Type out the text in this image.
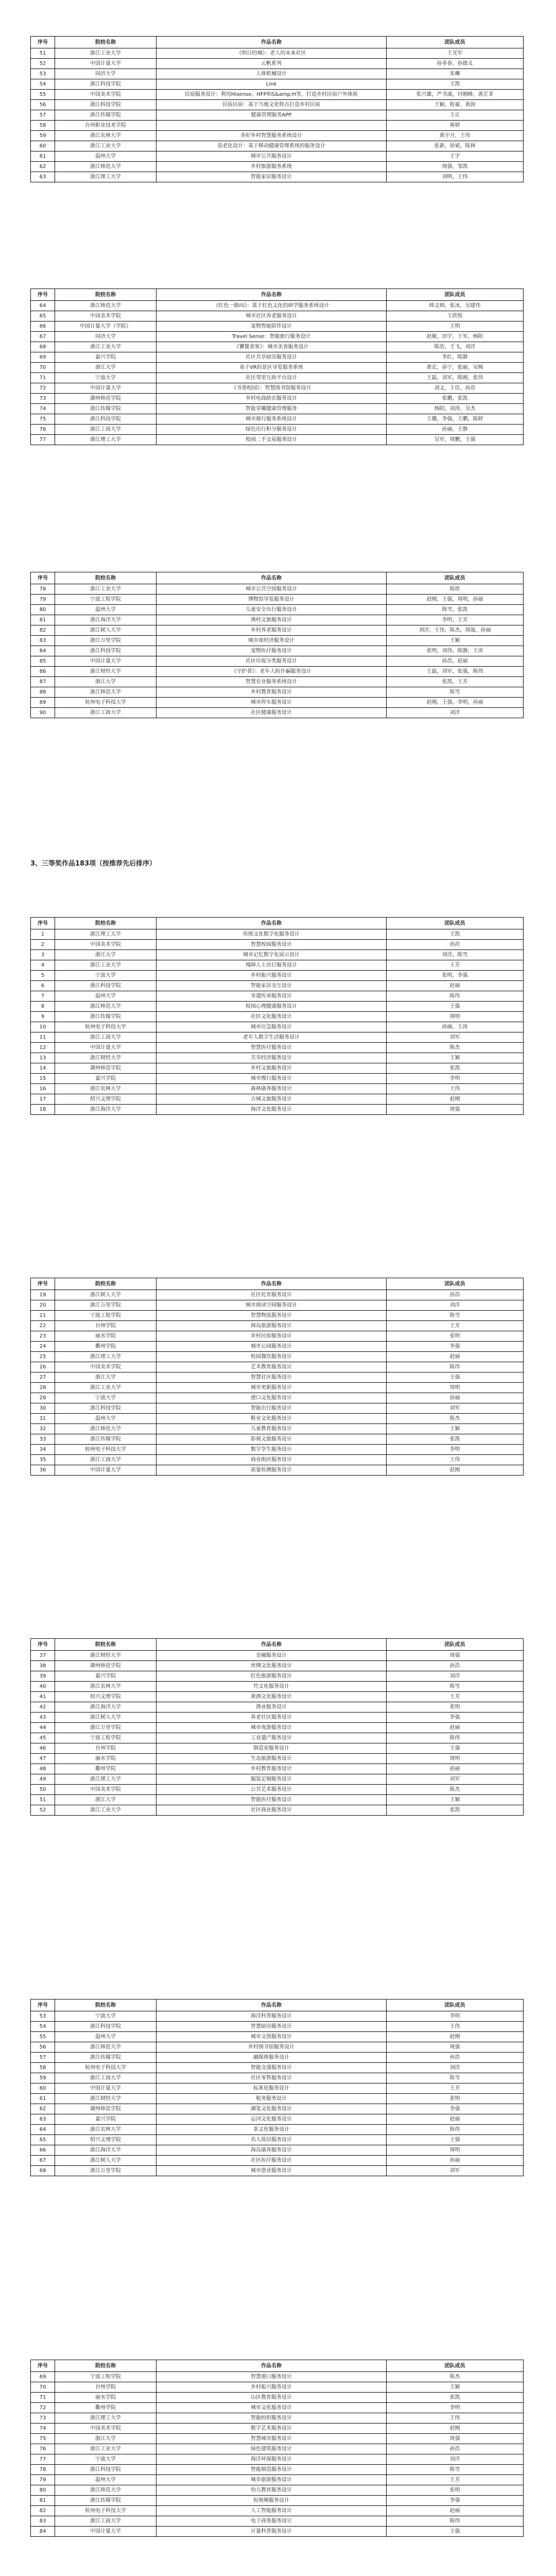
序号	院校名称	作品名称	团队成员
51	浙江工业大学	《明日的城》：老人的未来社区	王光军
52	中国计量大学	云帆系列	孙奉春，孙德义
53	同济大学	人体机械设计	朱琳
54	浙江科技学院	Link	王凯
55	中国美术学院	民宿服务设计：利用Hisense、HFP和S&amp;H等，打造乡村民宿户外体验	张兴雄，严书浦，付刚峰，黄芷菲
56	浙江科技学院	民宿民宿：基于当地文化特点打造乡村民宿	王颖，程豪，黄润
57	浙江传媒学院	健康管理服务APP	王正
58	台州职业技术学院		蒋妍
59	浙江农林大学	美好乡村智慧服务系统设计	黄宇月，王伟
60	浙江工业大学	适老化设计：基于移动健康管理系统的服务设计	张新，徐斌，陈林
61	温州大学	城市公共服务设计	王宇
62	浙江师范大学	乡村旅游服务系统	周强，邹凯
63	浙江理工大学	智能家居服务设计	刘明，王伟
序号	院校名称	作品名称	团队成员
64	浙江师范大学	《红色一路向》：基于红色文化的研学服务系统设计	韩文帅，张冰，吴建伟
65	中国美术学院	城市社区养老服务设计	王欣悦
66	中国计量大学（学院）	宠物智能陪伴设计	王明
67	同济大学	Travel Sense：智能旅行服务设计	赵敏，田宇，王军，杨阳
68	浙江工业大学	《饕餮食客》：城市美食服务设计	陈浩，王飞，刘洋
69	嘉兴学院	社区共享厨房服务设计	李红，陈静
70	浙江大学	基于VR的景区导览服务系统	黄宏，孙宁，张丽，吴梅
71	宁波大学	社区邻里互助平台设计	王磊，刘军，陈刚，张伟
72	中国计量大学	《书香校园》：智慧图书馆服务设计	刘文，王佳，孙浩
73	湖州师范学院	乡村电商助农服务设计	张鹏，张凯
74	浙江传媒学院	智能穿戴健康管理服务	杨阳，刘涛，吴杰
75	浙江科技学院	城市骑行服务系统设计	王娜，李强，王鹏，陈婷
76	浙江工商大学	绿色出行积分服务设计	孙丽，王静
77	浙江理工大学	校园二手交易服务设计	吴军，周鹏，王强
序号	院校名称	作品名称	团队成员
78	浙江工业大学	城市公共空间服务设计	陈欣
79	宁波工程学院	博物馆导览服务设计	赵刚，王强，周明，孙丽
80	温州大学	儿童安全出行服务设计	陈雪，张凯
81	浙江海洋大学	渔村文旅服务设计	李明，王芳
82	浙江树人大学	乡村养老服务设计	刘洋，王伟，陈杰，周强，孙丽
83	浙江万里学院	城市夜经济服务设计	王颖
84	浙江科技学院	宠物医疗服务设计	张明，刘伟，陈静，王涛
85	中国计量大学	社区垃圾分类服务设计	孙浩，赵丽
86	浙江财经大学	《守护者》：老年人防诈骗服务设计	王磊，刘军，张强，陈伟
87	浙江大学	智慧农业服务系统设计	张凯，王芳
88	浙江师范大学	乡村教育服务设计	陈雪
89	杭州电子科技大学	城市停车服务设计	赵刚，王强，李明，孙丽
90	浙江工商大学	社区健康服务设计	刘洋
序号	院校名称	作品名称	团队成员
1	浙江理工大学	传统文化数字化服务设计	王凯
2	中国美术学院	智慧校园服务设计	孙浩
3	浙江大学	城市记忆数字化展示设计	刘洋，陈雪
4	浙江工业大学	残障人士出行服务设计	王芳
5	宁波大学	乡村振兴服务设计	张明，李强
6	浙江科技学院	智能家居交互设计	赵丽
7	温州大学	非遗传承服务设计	陈伟
8	浙江师范大学	校园心理健康服务设计	王强
9	浙江传媒学院	社区文化服务设计	周明
10	杭州电子科技大学	城市应急服务设计	孙丽，王涛
11	浙江工商大学	老年人数字生活服务设计	刘军
12	中国计量大学	智慧医疗服务设计	陈杰
13	浙江财经大学	共享经济服务设计	王颖
14	湖州师范学院	乡村文旅服务设计	张凯
15	嘉兴学院	城市慢行服务设计	李明
16	浙江农林大学	森林康养服务设计	王伟
17	绍兴文理学院	古城文旅服务设计	赵刚
18	浙江海洋大学	海洋文化服务设计	周强
序号	院校名称	作品名称	团队成员
19	浙江树人大学	社区托育服务设计	孙浩
20	浙江万里学院	城市阅读空间服务设计	刘洋
21	宁波工程学院	智慧物流服务设计	陈雪
22	台州学院	海岛旅游服务设计	王芳
23	丽水学院	乡村民宿服务设计	张明
24	衢州学院	城市公园服务设计	李强
25	浙江理工大学	校园餐饮服务设计	赵丽
26	中国美术学院	艺术教育服务设计	陈伟
27	浙江大学	智慧社区服务设计	王强
28	浙江工业大学	城市更新服务设计	周明
29	宁波大学	港口文化服务设计	孙丽
30	浙江科技学院	智能出行服务设计	刘军
31	温州大学	鞋业文化服务设计	陈杰
32	浙江师范大学	儿童教育服务设计	王颖
33	浙江传媒学院	影视文旅服务设计	张凯
34	杭州电子科技大学	数字孪生服务设计	李明
35	浙江工商大学	商业街区服务设计	王伟
36	中国计量大学	质量检测服务设计	赵刚
序号	院校名称	作品名称	团队成员
37	浙江财经大学	金融服务设计	周强
38	湖州师范学院	丝绸文化服务设计	孙浩
39	嘉兴学院	红色旅游服务设计	刘洋
40	浙江农林大学	竹文化服务设计	陈雪
41	绍兴文理学院	黄酒文化服务设计	王芳
42	浙江海洋大学	渔业服务设计	张明
43	浙江树人大学	养老社区服务设计	李强
44	浙江万里学院	城市夜游服务设计	赵丽
45	宁波工程学院	工业遗产服务设计	陈伟
46	台州学院	制造业服务设计	王强
47	丽水学院	生态旅游服务设计	周明
48	衢州学院	乡村教育服务设计	孙丽
49	浙江理工大学	服装定制服务设计	刘军
50	中国美术学院	公共艺术服务设计	陈杰
51	浙江大学	智能医疗服务设计	王颖
52	浙江工业大学	社区商业服务设计	张凯
序号	院校名称	作品名称	团队成员
53	宁波大学	海洋科普服务设计	李明
54	浙江科技学院	智慧厨房服务设计	王伟
55	温州大学	城市文创服务设计	赵刚
56	浙江师范大学	乡村图书馆服务设计	周强
57	浙江传媒学院	融媒体服务设计	孙浩
58	杭州电子科技大学	智能交通服务设计	刘洋
59	浙江工商大学	社区零售服务设计	陈雪
60	中国计量大学	标准化服务设计	王芳
61	浙江财经大学	税务服务设计	张明
62	湖州师范学院	湖笔文化服务设计	李强
63	嘉兴学院	运河文化服务设计	赵丽
64	浙江农林大学	茶文化服务设计	陈伟
65	绍兴文理学院	名人故居服务设计	王强
66	浙江海洋大学	海岛康养服务设计	周明
67	浙江树人大学	社区医疗服务设计	孙丽
68	浙江万里学院	城市创业服务设计	刘军
序号	院校名称	作品名称	团队成员
69	宁波工程学院	智慧港口服务设计	陈杰
70	台州学院	乡村振兴服务设计	王颖
71	丽水学院	山区教育服务设计	张凯
72	衢州学院	城市文化服务设计	李明
73	浙江理工大学	智能纺织服务设计	王伟
74	中国美术学院	数字艺术服务设计	赵刚
75	浙江大学	智慧城市服务设计	周强
76	浙江工业大学	绿色建筑服务设计	孙浩
77	宁波大学	海洋环保服务设计	刘洋
78	浙江科技学院	智能制造服务设计	陈雪
79	温州大学	城市旅游服务设计	王芳
80	浙江师范大学	幼儿教育服务设计	张明
81	浙江传媒学院	短视频服务设计	李强
82	杭州电子科技大学	人工智能服务设计	赵丽
83	浙江工商大学	电子商务服务设计	陈伟
84	中国计量大学	计量科普服务设计	王强

3、三等奖作品183项（按推荐先后排序）
